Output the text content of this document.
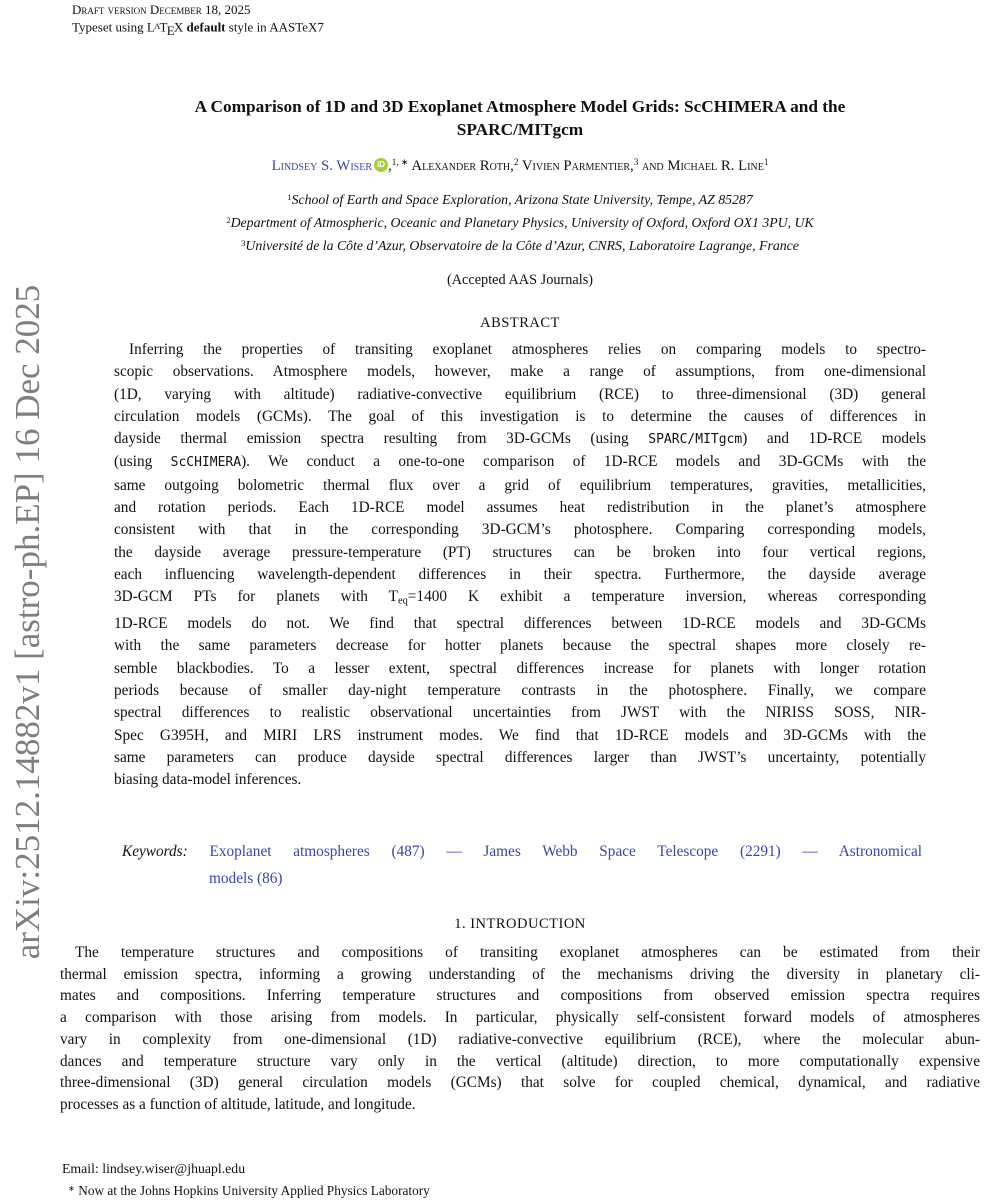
arXiv:2512.14882v1 [astro-ph.EP] 16 Dec 2025
Draft version December 18, 2025
Typeset using LATEX default style in AASTeX7
A Comparison of 1D and 3D Exoplanet Atmosphere Model Grids: ScCHIMERA and the
SPARC/MITgcm
Lindsey S. Wiser iD ,$^{1, ∗}$ Alexander Roth,$^2$ Vivien Parmentier,$^3$ and Michael R. Line$^1$
$^1$School of Earth and Space Exploration, Arizona State University, Tempe, AZ 85287
$^2$Department of Atmospheric, Oceanic and Planetary Physics, University of Oxford, Oxford OX1 3PU, UK
$^3$Université de la Côte d’Azur, Observatoire de la Côte d’Azur, CNRS, Laboratoire Lagrange, France
(Accepted AAS Journals)
ABSTRACT
Inferring the properties of transiting exoplanet atmospheres relies on comparing models to spectro-
scopic observations. Atmosphere models, however, make a range of assumptions, from one-dimensional
(1D, varying with altitude) radiative-convective equilibrium (RCE) to three-dimensional (3D) general
circulation models (GCMs). The goal of this investigation is to determine the causes of differences in
dayside thermal emission spectra resulting from 3D-GCMs (using SPARC/MITgcm) and 1D-RCE models
(using ScCHIMERA). We conduct a one-to-one comparison of 1D-RCE models and 3D-GCMs with the
same outgoing bolometric thermal flux over a grid of equilibrium temperatures, gravities, metallicities,
and rotation periods. Each 1D-RCE model assumes heat redistribution in the planet’s atmosphere
consistent with that in the corresponding 3D-GCM’s photosphere. Comparing corresponding models,
the dayside average pressure-temperature (PT) structures can be broken into four vertical regions,
each influencing wavelength-dependent differences in their spectra. Furthermore, the dayside average
3D-GCM PTs for planets with Teq=1400 K exhibit a temperature inversion, whereas corresponding
1D-RCE models do not. We find that spectral differences between 1D-RCE models and 3D-GCMs
with the same parameters decrease for hotter planets because the spectral shapes more closely re-
semble blackbodies. To a lesser extent, spectral differences increase for planets with longer rotation
periods because of smaller day-night temperature contrasts in the photosphere. Finally, we compare
spectral differences to realistic observational uncertainties from JWST with the NIRISS SOSS, NIR-
Spec G395H, and MIRI LRS instrument modes. We find that 1D-RCE models and 3D-GCMs with the
same parameters can produce dayside spectral differences larger than JWST’s uncertainty, potentially
biasing data-model inferences.
Keywords: Exoplanet atmospheres (487) — James Webb Space Telescope (2291) — Astronomical
models (86)
1. INTRODUCTION
The temperature structures and compositions of transiting exoplanet atmospheres can be estimated from their
thermal emission spectra, informing a growing understanding of the mechanisms driving the diversity in planetary cli-
mates and compositions. Inferring temperature structures and compositions from observed emission spectra requires
a comparison with those arising from models. In particular, physically self-consistent forward models of atmospheres
vary in complexity from one-dimensional (1D) radiative-convective equilibrium (RCE), where the molecular abun-
dances and temperature structure vary only in the vertical (altitude) direction, to more computationally expensive
three-dimensional (3D) general circulation models (GCMs) that solve for coupled chemical, dynamical, and radiative
processes as a function of altitude, latitude, and longitude.
Email: lindsey.wiser@jhuapl.edu
∗ Now at the Johns Hopkins University Applied Physics Laboratory
